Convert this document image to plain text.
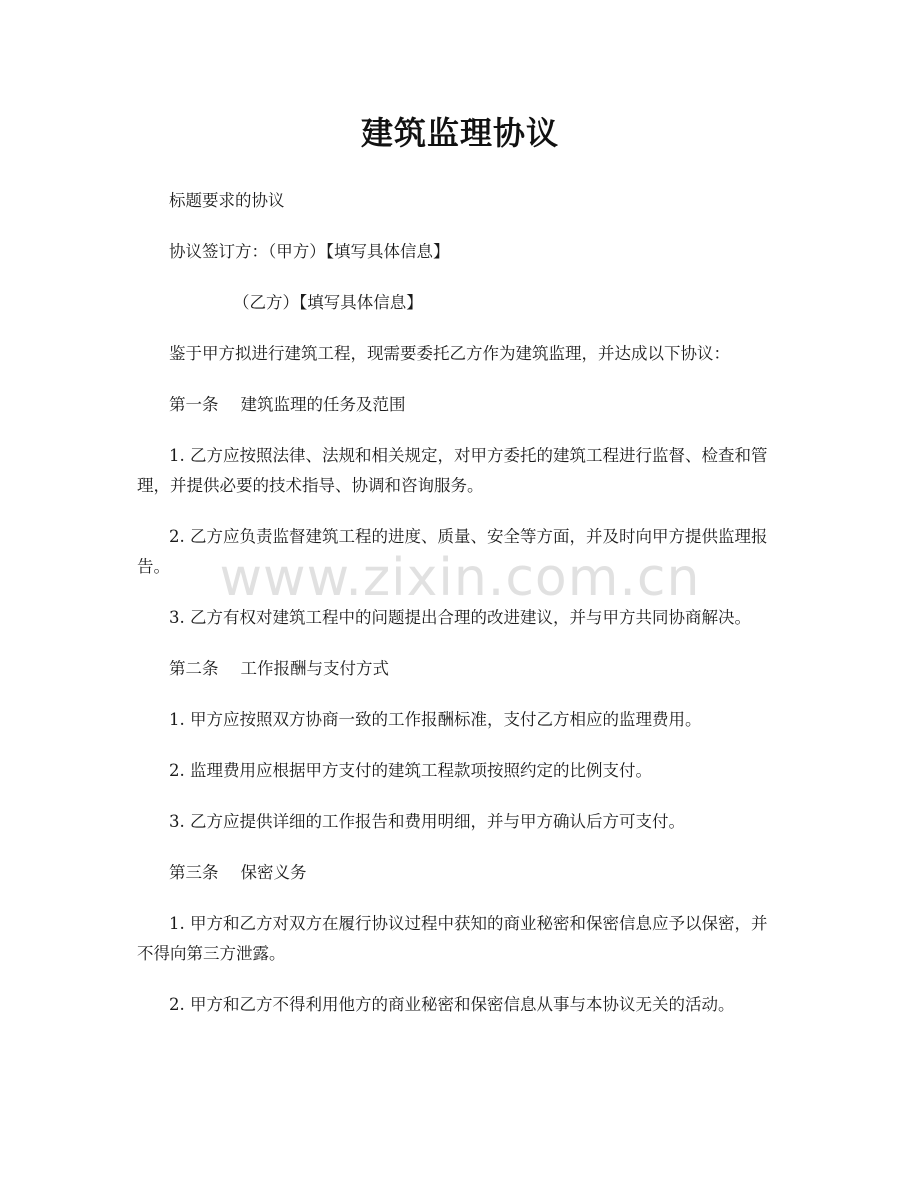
建筑监理协议

标题要求的协议

协议签订方：（甲方）【填写具体信息】

（乙方）【填写具体信息】

鉴于甲方拟进行建筑工程，现需要委托乙方作为建筑监理，并达成以下协议：

第一条 建筑监理的任务及范围

1. 乙方应按照法律、法规和相关规定，对甲方委托的建筑工程进行监督、检查和管理，并提供必要的技术指导、协调和咨询服务。

2. 乙方应负责监督建筑工程的进度、质量、安全等方面，并及时向甲方提供监理报告。

3. 乙方有权对建筑工程中的问题提出合理的改进建议，并与甲方共同协商解决。

第二条 工作报酬与支付方式

1. 甲方应按照双方协商一致的工作报酬标准，支付乙方相应的监理费用。

2. 监理费用应根据甲方支付的建筑工程款项按照约定的比例支付。

3. 乙方应提供详细的工作报告和费用明细，并与甲方确认后方可支付。

第三条 保密义务

1. 甲方和乙方对双方在履行协议过程中获知的商业秘密和保密信息应予以保密，并不得向第三方泄露。

2. 甲方和乙方不得利用他方的商业秘密和保密信息从事与本协议无关的活动。

www.zixin.com.cn
